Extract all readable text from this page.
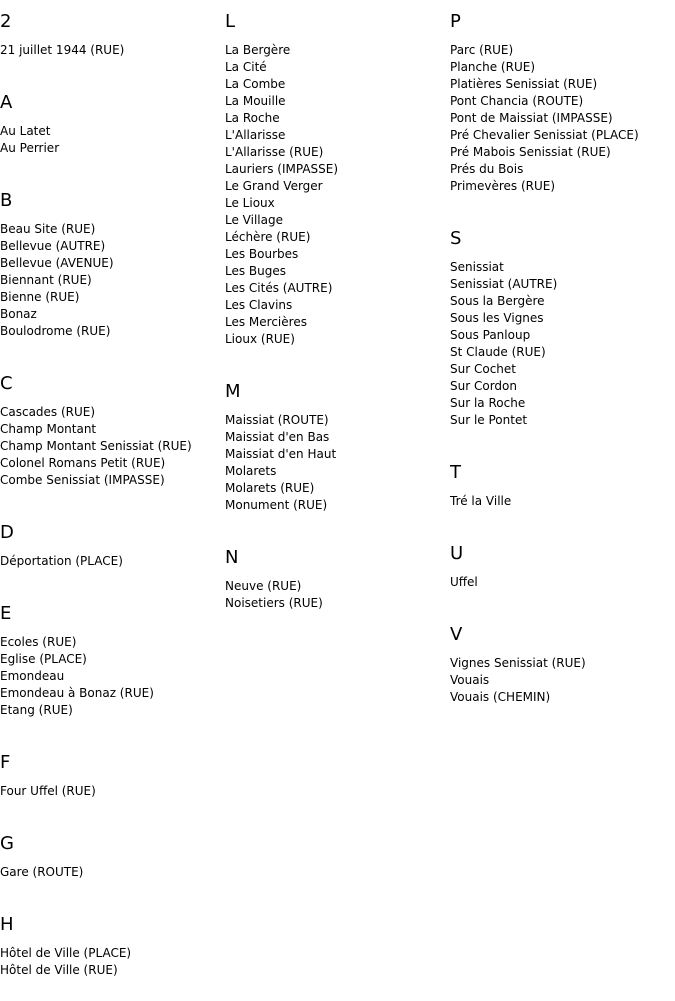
2
21 juillet 1944 (RUE)
A
Au Latet
Au Perrier
B
Beau Site (RUE)
Bellevue (AUTRE)
Bellevue (AVENUE)
Biennant (RUE)
Bienne (RUE)
Bonaz
Boulodrome (RUE)
C
Cascades (RUE)
Champ Montant
Champ Montant Senissiat (RUE)
Colonel Romans Petit (RUE)
Combe Senissiat (IMPASSE)
D
Déportation (PLACE)
E
Ecoles (RUE)
Eglise (PLACE)
Emondeau
Emondeau à Bonaz (RUE)
Etang (RUE)
F
Four Uffel (RUE)
G
Gare (ROUTE)
H
Hôtel de Ville (PLACE)
Hôtel de Ville (RUE)
L
La Bergère
La Cité
La Combe
La Mouille
La Roche
L'Allarisse
L'Allarisse (RUE)
Lauriers (IMPASSE)
Le Grand Verger
Le Lioux
Le Village
Léchère (RUE)
Les Bourbes
Les Buges
Les Cités (AUTRE)
Les Clavins
Les Mercières
Lioux (RUE)
M
Maissiat (ROUTE)
Maissiat d'en Bas
Maissiat d'en Haut
Molarets
Molarets (RUE)
Monument (RUE)
N
Neuve (RUE)
Noisetiers (RUE)
P
Parc (RUE)
Planche (RUE)
Platières Senissiat (RUE)
Pont Chancia (ROUTE)
Pont de Maissiat (IMPASSE)
Pré Chevalier Senissiat (PLACE)
Pré Mabois Senissiat (RUE)
Prés du Bois
Primevères (RUE)
S
Senissiat
Senissiat (AUTRE)
Sous la Bergère
Sous les Vignes
Sous Panloup
St Claude (RUE)
Sur Cochet
Sur Cordon
Sur la Roche
Sur le Pontet
T
Tré la Ville
U
Uffel
V
Vignes Senissiat (RUE)
Vouais
Vouais (CHEMIN)
